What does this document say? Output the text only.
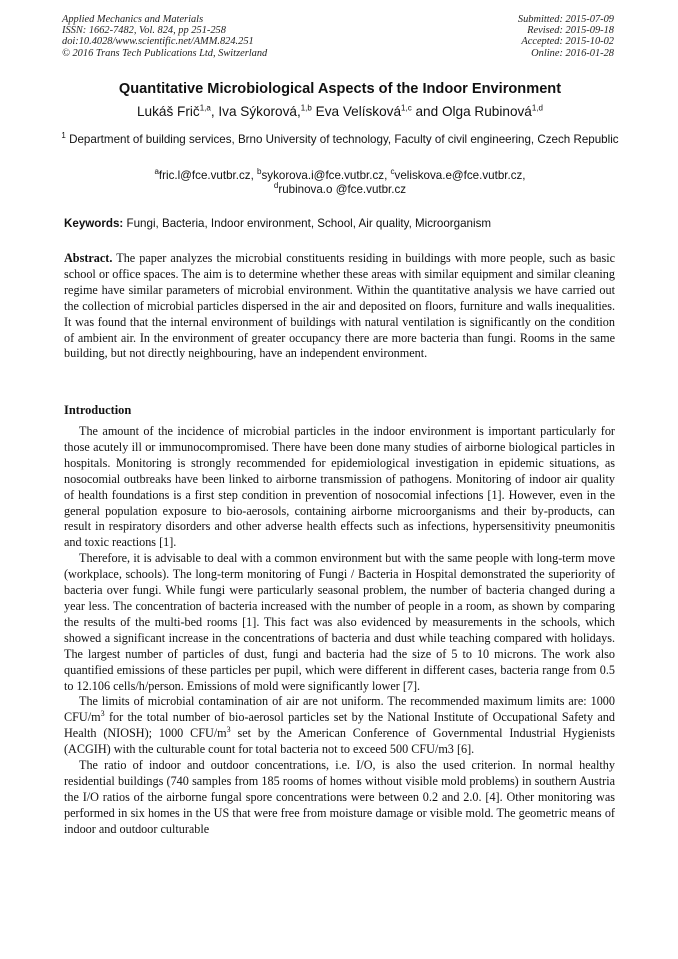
Applied Mechanics and Materials
ISSN: 1662-7482, Vol. 824, pp 251-258
doi:10.4028/www.scientific.net/AMM.824.251
© 2016 Trans Tech Publications Ltd, Switzerland
Submitted: 2015-07-09
Revised: 2015-09-18
Accepted: 2015-10-02
Online: 2016-01-28
Quantitative Microbiological Aspects of the Indoor Environment
Lukáš Frič$^{1,a}$, Iva Sýkorová,$^{1,b}$ Eva Velísková$^{1,c}$ and Olga Rubinová$^{1,d}$
$^1$ Department of building services, Brno University of technology, Faculty of civil engineering, Czech Republic
$^a$fric.l@fce.vutbr.cz, $^b$sykorova.i@fce.vutbr.cz, $^c$veliskova.e@fce.vutbr.cz,
$^d$rubinova.o @fce.vutbr.cz
Keywords: Fungi, Bacteria, Indoor environment, School, Air quality, Microorganism
Abstract. The paper analyzes the microbial constituents residing in buildings with more people, such as basic school or office spaces. The aim is to determine whether these areas with similar equipment and similar cleaning regime have similar parameters of microbial environment. Within the quantitative analysis we have carried out the collection of microbial particles dispersed in the air and deposited on floors, furniture and walls inequalities. It was found that the internal environment of buildings with natural ventilation is significantly on the condition of ambient air. In the environment of greater occupancy there are more bacteria than fungi. Rooms in the same building, but not directly neighbouring, have an independent environment.
Introduction

The amount of the incidence of microbial particles in the indoor environment is important particularly for those acutely ill or immunocompromised. There have been done many studies of airborne biological particles in hospitals. Monitoring is strongly recommended for epidemiological investigation in epidemic situations, as nosocomial outbreaks have been linked to airborne transmission of pathogens. Monitoring of indoor air quality of health foundations is a first step condition in prevention of nosocomial infections [1]. However, even in the general population exposure to bio-aerosols, containing airborne microorganisms and their by-products, can result in respiratory disorders and other adverse health effects such as infections, hypersensitivity pneumonitis and toxic reactions [1].

Therefore, it is advisable to deal with a common environment but with the same people with long-term move (workplace, schools). The long-term monitoring of Fungi / Bacteria in Hospital demonstrated the superiority of bacteria over fungi. While fungi were particularly seasonal problem, the number of bacteria changed during a year less. The concentration of bacteria increased with the number of people in a room, as shown by comparing the results of the multi-bed rooms [1]. This fact was also evidenced by measurements in the schools, which showed a significant increase in the concentrations of bacteria and dust while teaching compared with holidays. The largest number of particles of dust, fungi and bacteria had the size of 5 to 10 microns. The work also quantified emissions of these particles per pupil, which were different in different cases, bacteria range from 0.5 to 12.106 cells/h/person. Emissions of mold were significantly lower [7].

The limits of microbial contamination of air are not uniform. The recommended maximum limits are: 1000 CFU/$m^3$ for the total number of bio-aerosol particles set by the National Institute of Occupational Safety and Health (NIOSH); 1000 CFU/$m^3$ set by the American Conference of Governmental Industrial Hygienists (ACGIH) with the culturable count for total bacteria not to exceed 500 CFU/m3 [6].

The ratio of indoor and outdoor concentrations, i.e. I/O, is also the used criterion. In normal healthy residential buildings (740 samples from 185 rooms of homes without visible mold problems) in southern Austria the I/O ratios of the airborne fungal spore concentrations were between 0.2 and 2.0. [4]. Other monitoring was performed in six homes in the US that were free from moisture damage or visible mold. The geometric means of indoor and outdoor culturable
